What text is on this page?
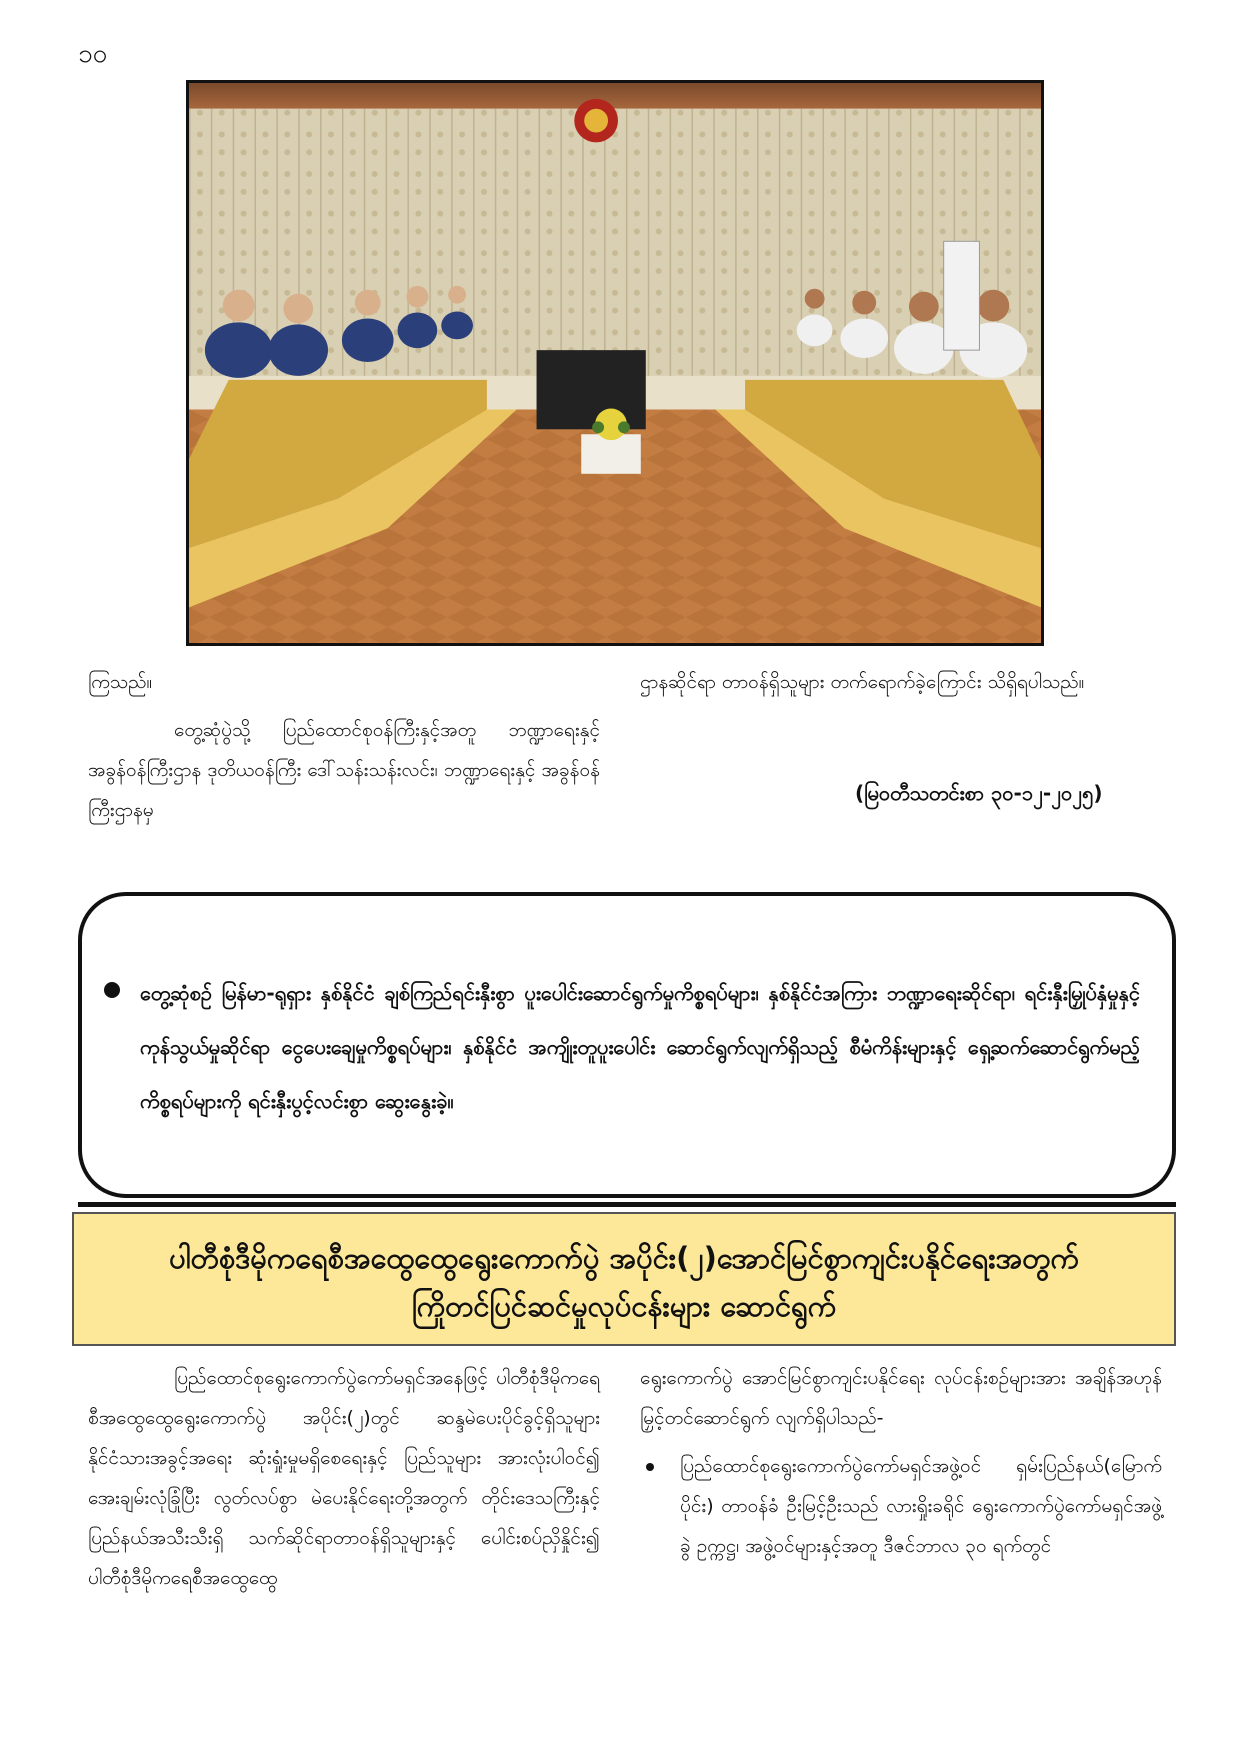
၁၀

ကြသည်။

တွေ့ဆုံပွဲသို့ ပြည်ထောင်စုဝန်ကြီးနှင့်အတူ ဘဏ္ဍာရေးနှင့် အခွန်ဝန်ကြီးဌာန ဒုတိယဝန်ကြီး ဒေါ်သန်းသန်းလင်း၊ ဘဏ္ဍာရေးနှင့် အခွန်ဝန်ကြီးဌာနမှ

ဌာနဆိုင်ရာ တာဝန်ရှိသူများ တက်ရောက်ခဲ့ကြောင်း သိရှိရပါသည်။

(မြဝတီသတင်းစာ ၃၀-၁၂-၂၀၂၅)
တွေ့ဆုံစဉ် မြန်မာ-ရုရှား နှစ်နိုင်ငံ ချစ်ကြည်ရင်းနှီးစွာ ပူးပေါင်းဆောင်ရွက်မှုကိစ္စရပ်များ၊ နှစ်နိုင်ငံအကြား ဘဏ္ဍာရေးဆိုင်ရာ၊ ရင်းနှီးမြှုပ်နှံမှုနှင့် ကုန်သွယ်မှုဆိုင်ရာ ငွေပေးချေမှုကိစ္စရပ်များ၊ နှစ်နိုင်ငံ အကျိုးတူပူးပေါင်း ဆောင်ရွက်လျက်ရှိသည့် စီမံကိန်းများနှင့် ရှေ့ဆက်ဆောင်ရွက်မည့်ကိစ္စရပ်များကို ရင်းနှီးပွင့်လင်းစွာ ဆွေးနွေးခဲ့။
ပါတီစုံဒီမိုကရေစီအထွေထွေရွေးကောက်ပွဲ အပိုင်း(၂)အောင်မြင်စွာကျင်းပနိုင်ရေးအတွက်
ကြိုတင်ပြင်ဆင်မှုလုပ်ငန်းများ ဆောင်ရွက်

ပြည်ထောင်စုရွေးကောက်ပွဲကော်မရှင်အနေဖြင့် ပါတီစုံဒီမိုကရေစီအထွေထွေရွေးကောက်ပွဲ အပိုင်း(၂)တွင် ဆန္ဒမဲပေးပိုင်ခွင့်ရှိသူများ နိုင်ငံသားအခွင့်အရေး ဆုံးရှုံးမှုမရှိစေရေးနှင့် ပြည်သူများ အားလုံးပါဝင်၍ အေးချမ်းလုံခြုံပြီး လွတ်လပ်စွာ မဲပေးနိုင်ရေးတို့အတွက် တိုင်းဒေသကြီးနှင့် ပြည်နယ်အသီးသီးရှိ သက်ဆိုင်ရာတာဝန်ရှိသူများနှင့် ပေါင်းစပ်ညှိနှိုင်း၍ ပါတီစုံဒီမိုကရေစီအထွေထွေ

ရွေးကောက်ပွဲ အောင်မြင်စွာကျင်းပနိုင်ရေး လုပ်ငန်းစဉ်များအား အချိန်အဟုန် မြှင့်တင်ဆောင်ရွက် လျက်ရှိပါသည်-

ပြည်ထောင်စုရွေးကောက်ပွဲကော်မရှင်အဖွဲ့ဝင် ရှမ်းပြည်နယ်(မြောက်ပိုင်း) တာဝန်ခံ ဦးမြင့်ဦးသည် လားရှိုးခရိုင် ရွေးကောက်ပွဲကော်မရှင်အဖွဲ့ခွဲ ဥက္ကဋ္ဌ၊ အဖွဲ့ဝင်များနှင့်အတူ ဒီဇင်ဘာလ ၃၀ ရက်တွင်
